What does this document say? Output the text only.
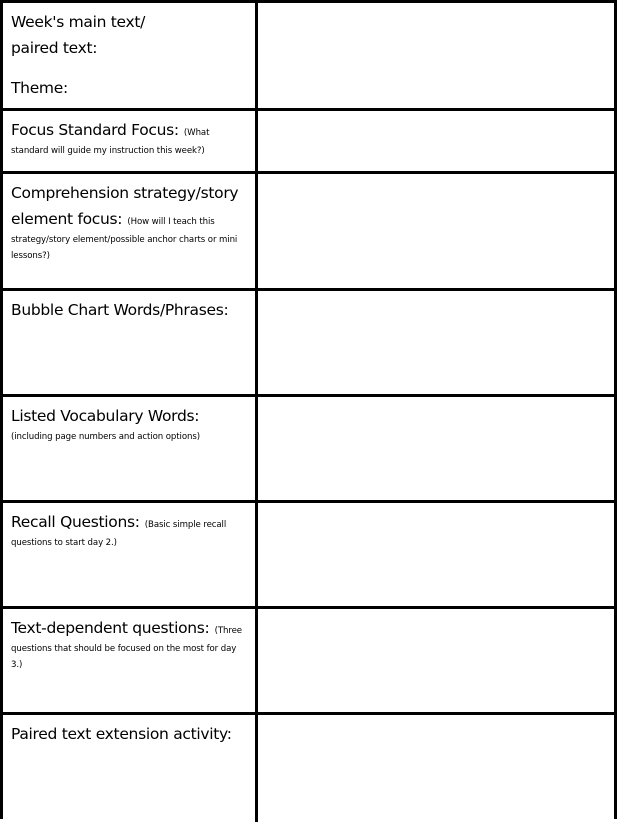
Week's main text/
paired text:
Theme:
Focus Standard Focus: (What
standard will guide my instruction this week?)
Comprehension strategy/story
element focus: (How will I teach this
strategy/story element/possible anchor charts or mini lessons?)
Bubble Chart Words/Phrases:
Listed Vocabulary Words:
(including page numbers and action options)
Recall Questions: (Basic simple recall
questions to start day 2.)
Text-dependent questions: (Three
questions that should be focused on the most for day 3.)
Paired text extension activity:
